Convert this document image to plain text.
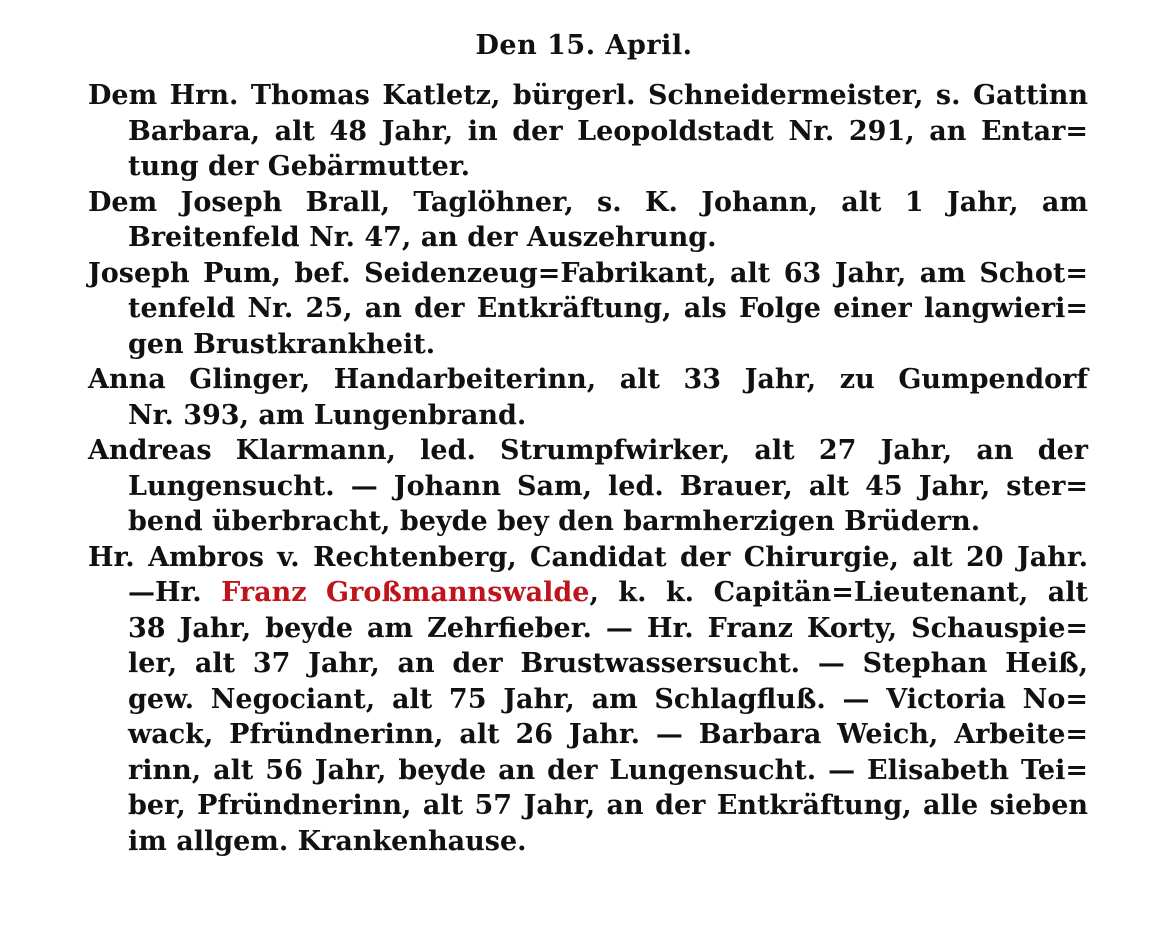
Den 15. April.
Dem Hrn. Thomas Katletz, bürgerl. Schneidermeister, s. Gattinn
Barbara, alt 48 Jahr, in der Leopoldstadt Nr. 291, an Entar=
tung der Gebärmutter.
Dem Joseph Brall, Taglöhner, s. K. Johann, alt 1 Jahr, am
Breitenfeld Nr. 47, an der Auszehrung.
Joseph Pum, bef. Seidenzeug=Fabrikant, alt 63 Jahr, am Schot=
tenfeld Nr. 25, an der Entkräftung, als Folge einer langwieri=
gen Brustkrankheit.
Anna Glinger, Handarbeiterinn, alt 33 Jahr, zu Gumpendorf
Nr. 393, am Lungenbrand.
Andreas Klarmann, led. Strumpfwirker, alt 27 Jahr, an der
Lungensucht. — Johann Sam, led. Brauer, alt 45 Jahr, ster=
bend überbracht, beyde bey den barmherzigen Brüdern.
Hr. Ambros v. Rechtenberg, Candidat der Chirurgie, alt 20 Jahr.
—Hr. Franz Großmannswalde, k. k. Capitän=Lieutenant, alt
38 Jahr, beyde am Zehrfieber. — Hr. Franz Korty, Schauspie=
ler, alt 37 Jahr, an der Brustwassersucht. — Stephan Heiß,
gew. Negociant, alt 75 Jahr, am Schlagfluß. — Victoria No=
wack, Pfründnerinn, alt 26 Jahr. — Barbara Weich, Arbeite=
rinn, alt 56 Jahr, beyde an der Lungensucht. — Elisabeth Tei=
ber, Pfründnerinn, alt 57 Jahr, an der Entkräftung, alle sieben
im allgem. Krankenhause.
